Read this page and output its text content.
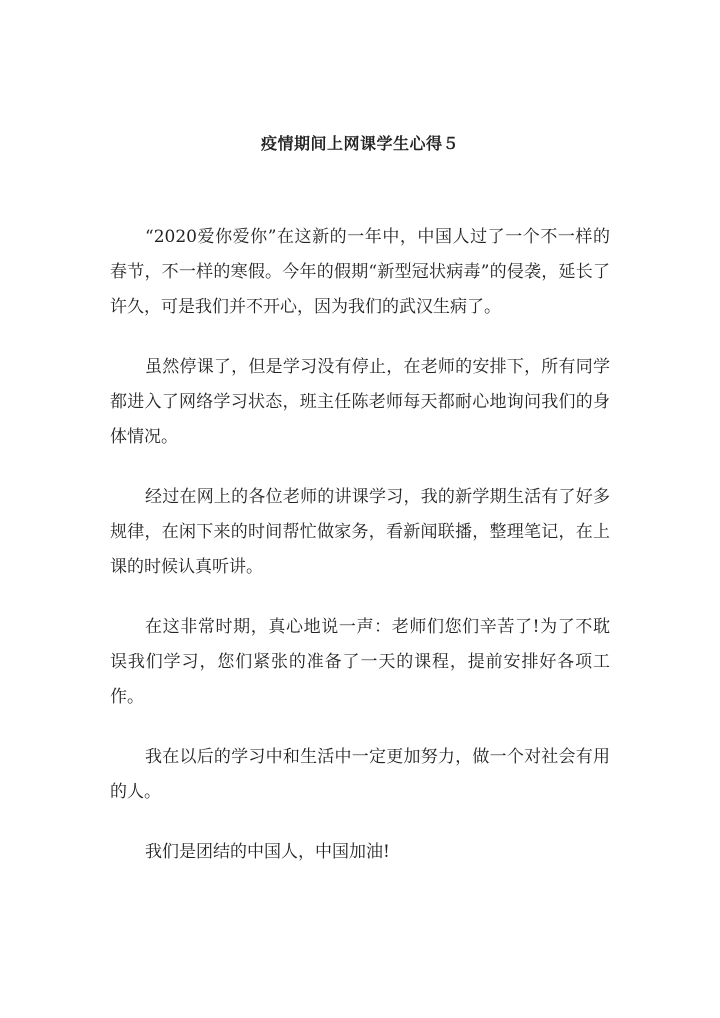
疫情期间上网课学生心得５

“2020爱你爱你”在这新的一年中，中国人过了一个不一样的春节，不一样的寒假。今年的假期“新型冠状病毒”的侵袭，延长了许久，可是我们并不开心，因为我们的武汉生病了。

虽然停课了，但是学习没有停止，在老师的安排下，所有同学都进入了网络学习状态，班主任陈老师每天都耐心地询问我们的身体情况。

经过在网上的各位老师的讲课学习，我的新学期生活有了好多规律，在闲下来的时间帮忙做家务，看新闻联播，整理笔记，在上课的时候认真听讲。

在这非常时期，真心地说一声：老师们您们辛苦了!为了不耽误我们学习，您们紧张的准备了一天的课程，提前安排好各项工作。

我在以后的学习中和生活中一定更加努力，做一个对社会有用的人。

我们是团结的中国人，中国加油!
